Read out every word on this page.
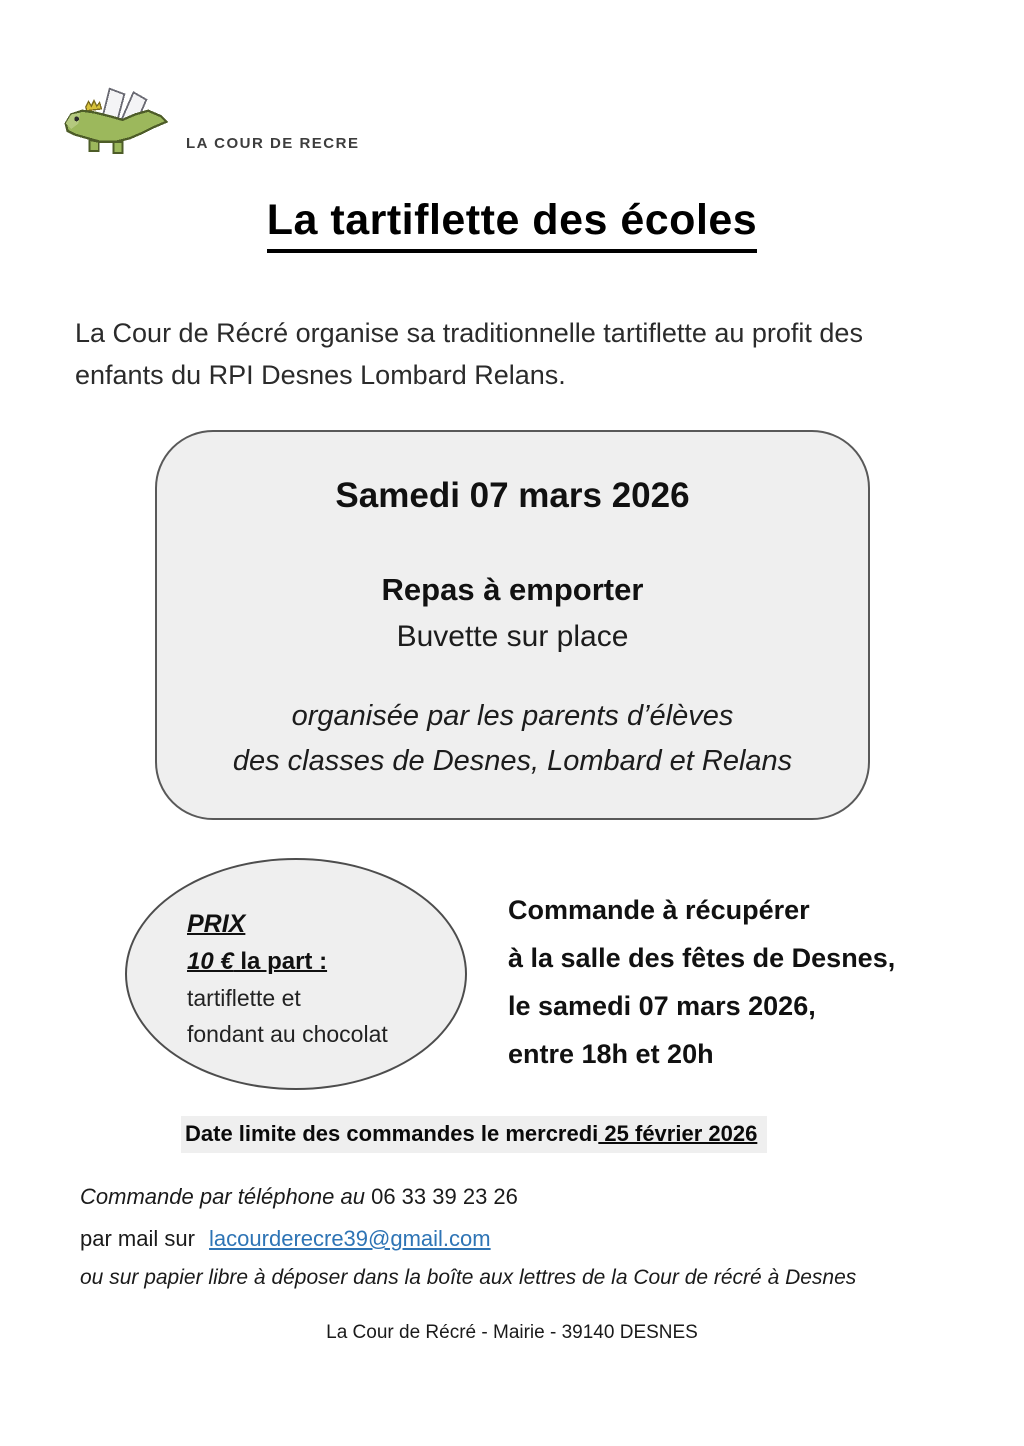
LA COUR DE RECRE
La tartiflette des écoles

La Cour de Récré organise sa traditionnelle tartiflette au profit des enfants du RPI Desnes Lombard Relans.

Samedi 07 mars 2026
Repas à emporter
Buvette sur place
organisée par les parents d’élèves
des classes de Desnes, Lombard et Relans
PRIX
10 € la part :
tartiflette et
fondant au chocolat
Commande à récupérer
à la salle des fêtes de Desnes,
le samedi 07 mars 2026,
entre 18h et 20h
Date limite des commandes le mercredi 25 février 2026
Commande par téléphone au 06 33 39 23 26
par mail sur lacourderecre39@gmail.com
ou sur papier libre à déposer dans la boîte aux lettres de la Cour de récré à Desnes
La Cour de Récré - Mairie - 39140 DESNES
